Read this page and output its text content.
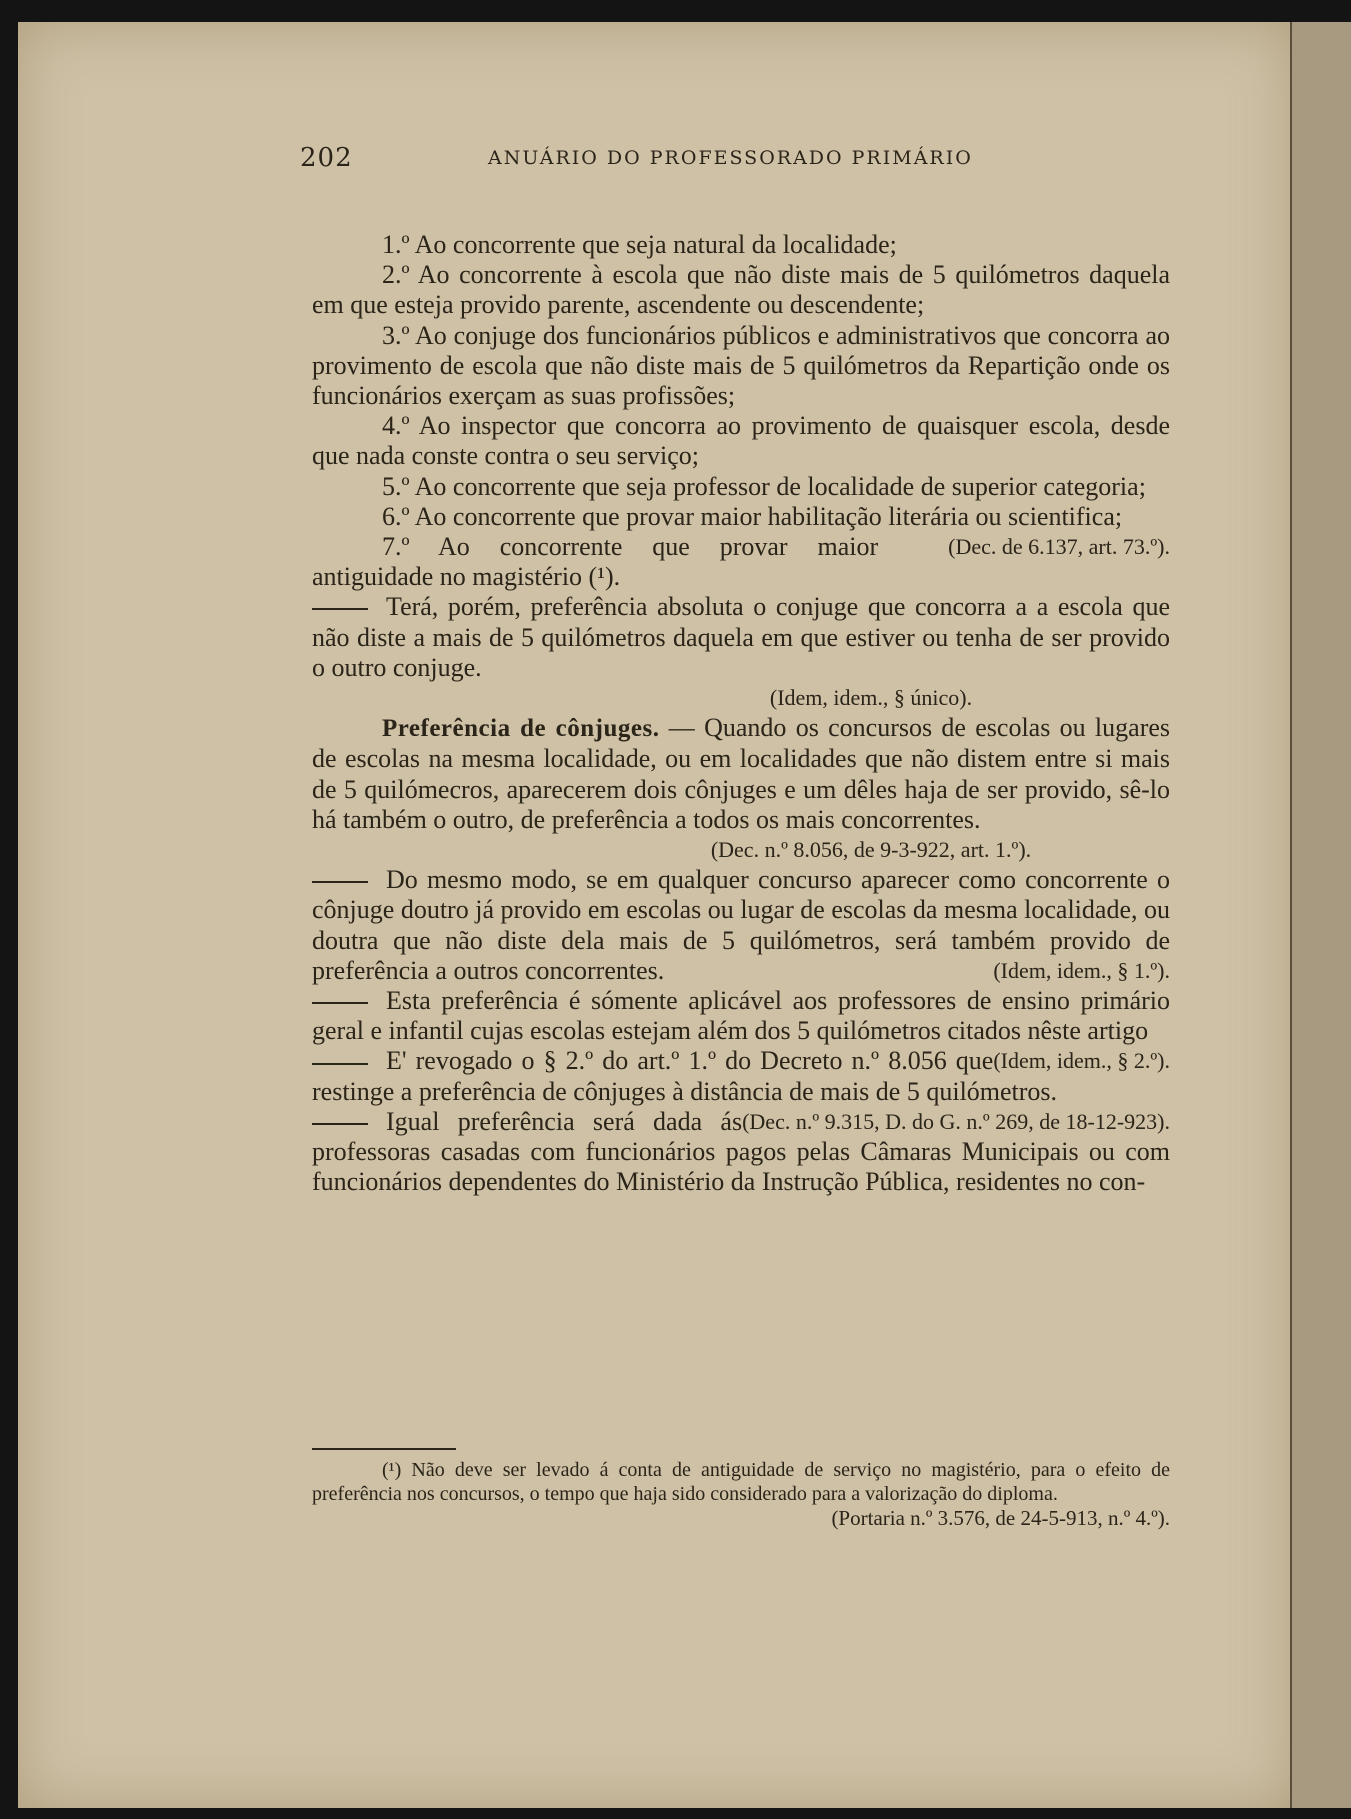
202	ANUÁRIO DO PROFESSORADO PRIMÁRIO

1.º Ao concorrente que seja natural da localidade;

2.º Ao concorrente à escola que não diste mais de 5 quilómetros daquela em que esteja provido parente, ascendente ou descendente;

3.º Ao conjuge dos funcionários públicos e administrativos que concorra ao provimento de escola que não diste mais de 5 quilómetros da Repartição onde os funcionários exerçam as suas profissões;

4.º Ao inspector que concorra ao provimento de quaisquer escola, desde que nada conste contra o seu serviço;

5.º Ao concorrente que seja professor de localidade de superior categoria;

6.º Ao concorrente que provar maior habilitação literária ou scientifica;

(Dec. de 6.137, art. 73.º).
7.º Ao concorrente que provar maior antiguidade no magistério (¹).

Terá, porém, preferência absoluta o conjuge que concorra a a escola que não diste a mais de 5 quilómetros daquela em que estiver ou tenha de ser provido o outro conjuge.

(Idem, idem., § único).

Preferência de cônjuges. — Quando os concursos de escolas ou lugares de escolas na mesma localidade, ou em localidades que não distem entre si mais de 5 quilómecros, aparecerem dois cônjuges e um dêles haja de ser provido, sê-lo há também o outro, de preferência a todos os mais concorrentes.

(Dec. n.º 8.056, de 9-3-922, art. 1.º).

Do mesmo modo, se em qualquer concurso aparecer como concorrente o cônjuge doutro já provido em escolas ou lugar de escolas da mesma localidade, ou doutra que não diste dela mais de 5 quilómetros, será também provido de preferência a outros concorrentes.	(Idem, idem., § 1.º).

Esta preferência é sómente aplicável aos professores de ensino primário geral e infantil cujas escolas estejam além dos 5 quilómetros citados nêste artigo
(Idem, idem., § 2.º).

E' revogado o § 2.º do art.º 1.º do Decreto n.º 8.056 que restinge a preferência de cônjuges à distância de mais de 5 quilómetros.
(Dec. n.º 9.315, D. do G. n.º 269, de 18-12-923).

Igual preferência será dada ás professoras casadas com funcionários pagos pelas Câmaras Municipais ou com funcionários dependentes do Ministério da Instrução Pública, residentes no con-

(¹) Não deve ser levado á conta de antiguidade de serviço no magistério, para o efeito de preferência nos concursos, o tempo que haja sido considerado para a valorização do diploma.

(Portaria n.º 3.576, de 24-5-913, n.º 4.º).
